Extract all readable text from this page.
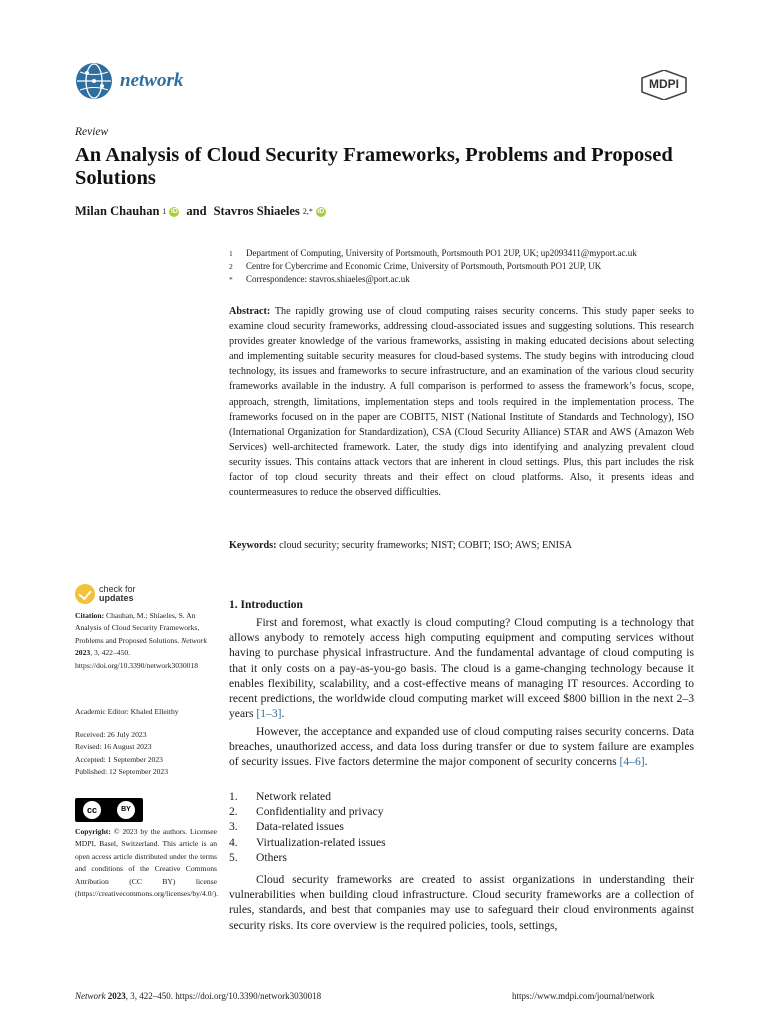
network	MDPI
Review
An Analysis of Cloud Security Frameworks, Problems and Proposed Solutions
Milan Chauhan 1 iD and Stavros Shiaeles 2,* iD
1	Department of Computing, University of Portsmouth, Portsmouth PO1 2UP, UK; up2093411@myport.ac.uk
2	Centre for Cybercrime and Economic Crime, University of Portsmouth, Portsmouth PO1 2UP, UK
*	Correspondence: stavros.shiaeles@port.ac.uk
Abstract: The rapidly growing use of cloud computing raises security concerns. This study paper seeks to examine cloud security frameworks, addressing cloud-associated issues and suggesting solutions. This research provides greater knowledge of the various frameworks, assisting in making educated decisions about selecting and implementing suitable security measures for cloud-based systems. The study begins with introducing cloud technology, its issues and frameworks to secure infrastructure, and an examination of the various cloud security frameworks available in the industry. A full comparison is performed to assess the framework’s focus, scope, approach, strength, limitations, implementation steps and tools required in the implementation process. The frameworks focused on in the paper are COBIT5, NIST (National Institute of Standards and Technology), ISO (International Organization for Standardization), CSA (Cloud Security Alliance) STAR and AWS (Amazon Web Services) well-architected framework. Later, the study digs into identifying and analyzing prevalent cloud security issues. This contains attack vectors that are inherent in cloud settings. Plus, this part includes the risk factor of top cloud security threats and their effect on cloud platforms. Also, it presents ideas and countermeasures to reduce the observed difficulties.
Keywords: cloud security; security frameworks; NIST; COBIT; ISO; AWS; ENISA
check for
updates
Citation: Chauhan, M.; Shiaeles, S. An Analysis of Cloud Security Frameworks, Problems and Proposed Solutions. Network 2023, 3, 422–450. https://doi.org/10.3390/network3030018
Academic Editor: Khaled Elleithy
Received: 26 July 2023
Revised: 16 August 2023
Accepted: 1 September 2023
Published: 12 September 2023
cc	BY
Copyright: © 2023 by the authors. Licensee MDPI, Basel, Switzerland. This article is an open access article distributed under the terms and conditions of the Creative Commons Attribution (CC BY) license (https://creativecommons.org/licenses/by/4.0/).
1. Introduction
First and foremost, what exactly is cloud computing? Cloud computing is a technology that allows anybody to remotely access high computing equipment and computing services without having to purchase physical infrastructure. And the fundamental advantage of cloud computing is that it only costs on a pay-as-you-go basis. The cloud is a game-changing technology because it enables flexibility, scalability, and a cost-effective means of managing IT resources. According to recent predictions, the worldwide cloud computing market will exceed $800 billion in the next 2–3 years [1–3].
However, the acceptance and expanded use of cloud computing raises security concerns. Data breaches, unauthorized access, and data loss during transfer or due to system failure are examples of security issues. Five factors determine the major component of security concerns [4–6].
1.	Network related
2.	Confidentiality and privacy
3.	Data-related issues
4.	Virtualization-related issues
5.	Others
Cloud security frameworks are created to assist organizations in understanding their vulnerabilities when building cloud infrastructure. Cloud security frameworks are a collection of rules, standards, and best that companies may use to safeguard their cloud environments against security risks. Its core overview is the required policies, tools, settings,
Network 2023, 3, 422–450. https://doi.org/10.3390/network3030018	https://www.mdpi.com/journal/network
